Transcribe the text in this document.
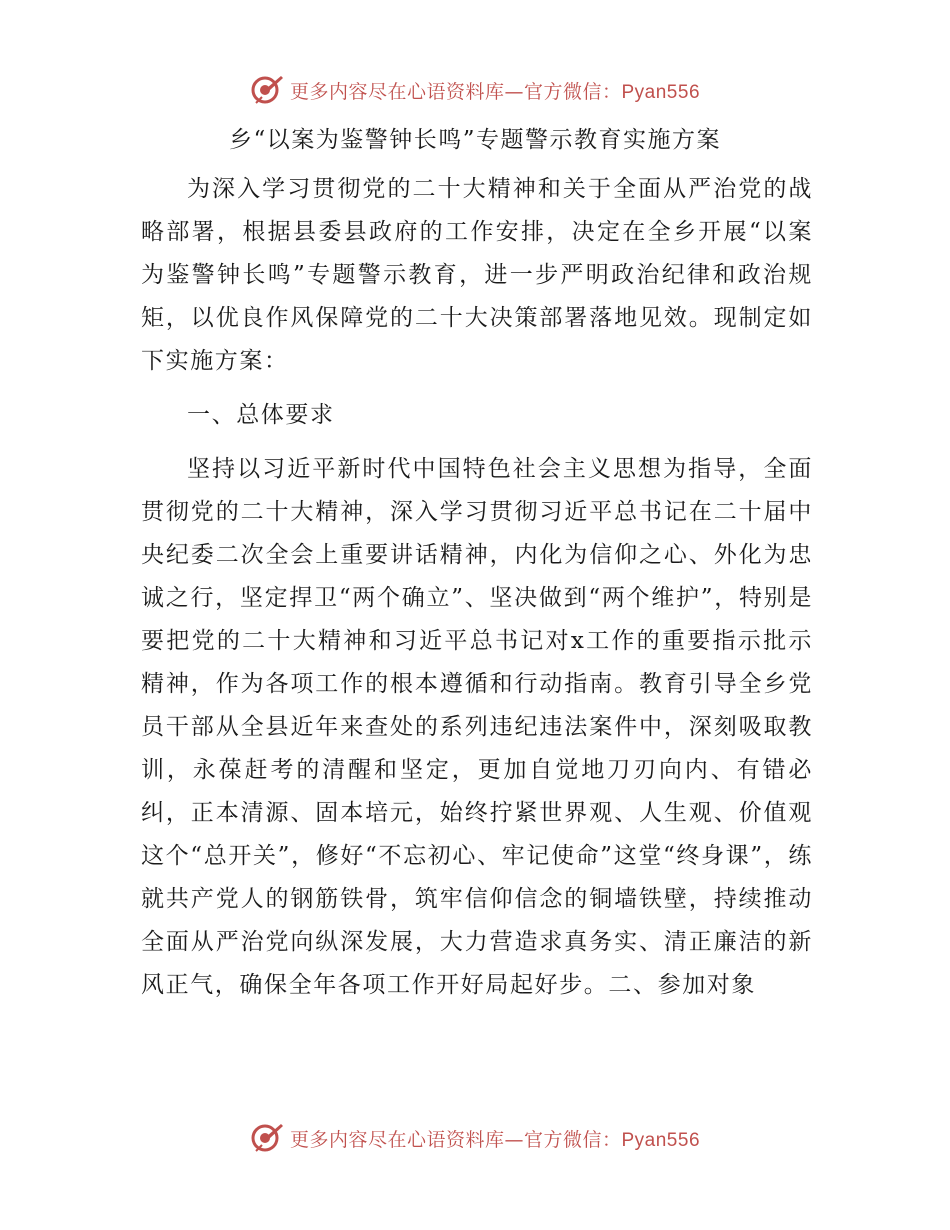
更多内容尽在心语资料库—官方微信：Pyan556
乡“以案为鉴警钟长鸣”专题警示教育实施方案

为深入学习贯彻党的二十大精神和关于全面从严治党的战略部署，根据县委县政府的工作安排，决定在全乡开展“以案为鉴警钟长鸣”专题警示教育，进一步严明政治纪律和政治规矩，以优良作风保障党的二十大决策部署落地见效。现制定如下实施方案：

一、总体要求

坚持以习近平新时代中国特色社会主义思想为指导，全面贯彻党的二十大精神，深入学习贯彻习近平总书记在二十届中央纪委二次全会上重要讲话精神，内化为信仰之心、外化为忠诚之行，坚定捍卫“两个确立”、坚决做到“两个维护”，特别是要把党的二十大精神和习近平总书记对x工作的重要指示批示精神，作为各项工作的根本遵循和行动指南。教育引导全乡党员干部从全县近年来查处的系列违纪违法案件中，深刻吸取教训，永葆赶考的清醒和坚定，更加自觉地刀刃向内、有错必纠，正本清源、固本培元，始终拧紧世界观、人生观、价值观这个“总开关”，修好“不忘初心、牢记使命”这堂“终身课”，练就共产党人的钢筋铁骨，筑牢信仰信念的铜墙铁壁，持续推动全面从严治党向纵深发展，大力营造求真务实、清正廉洁的新风正气，确保全年各项工作开好局起好步。二、参加对象

更多内容尽在心语资料库—官方微信：Pyan556
